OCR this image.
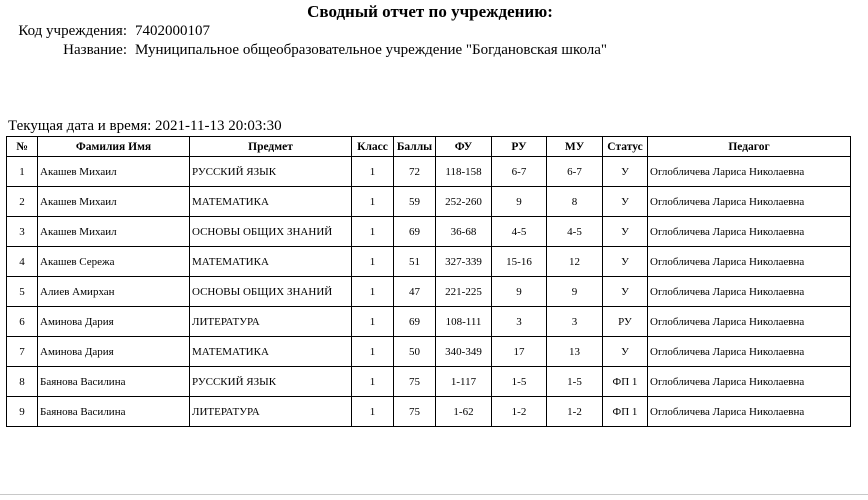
Сводный отчет по учреждению:
Код учреждения: 7402000107
Название: Муниципальное общеобразовательное учреждение "Богдановская школа"
Текущая дата и время: 2021-11-13 20:03:30
№	Фамилия Имя	Предмет	Класс	Баллы	ФУ	РУ	МУ	Статус	Педагог
1	Акашев Михаил	РУССКИЙ ЯЗЫК	1	72	118-158	6-7	6-7	У	Оглобличева Лариса Николаевна
2	Акашев Михаил	МАТЕМАТИКА	1	59	252-260	9	8	У	Оглобличева Лариса Николаевна
3	Акашев Михаил	ОСНОВЫ ОБЩИХ ЗНАНИЙ	1	69	36-68	4-5	4-5	У	Оглобличева Лариса Николаевна
4	Акашев Сережа	МАТЕМАТИКА	1	51	327-339	15-16	12	У	Оглобличева Лариса Николаевна
5	Алиев Амирхан	ОСНОВЫ ОБЩИХ ЗНАНИЙ	1	47	221-225	9	9	У	Оглобличева Лариса Николаевна
6	Аминова Дария	ЛИТЕРАТУРА	1	69	108-111	3	3	РУ	Оглобличева Лариса Николаевна
7	Аминова Дария	МАТЕМАТИКА	1	50	340-349	17	13	У	Оглобличева Лариса Николаевна
8	Баянова Василина	РУССКИЙ ЯЗЫК	1	75	1-117	1-5	1-5	ФП 1	Оглобличева Лариса Николаевна
9	Баянова Василина	ЛИТЕРАТУРА	1	75	1-62	1-2	1-2	ФП 1	Оглобличева Лариса Николаевна
